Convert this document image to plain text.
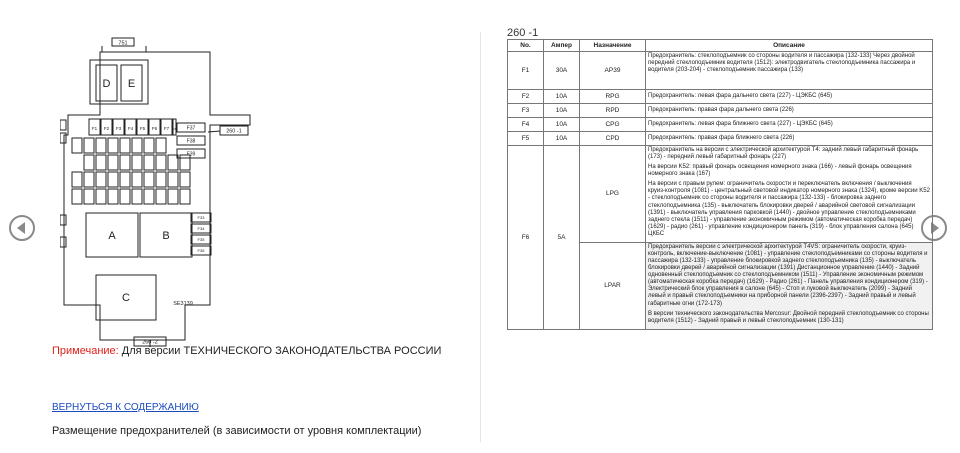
751
D E
F1 F2 F3 F4 F5 F6 F7 F8 F37
F38
F39
260 -1
A	B
F33
F34
F35
F36
C	SE3139
260 -2
Примечание: Для версии ТЕХНИЧЕСКОГО ЗАКОНОДАТЕЛЬСТВА РОССИИ
ВЕРНУТЬСЯ К СОДЕРЖАНИЮ
Размещение предохранителей (в зависимости от уровня комплектации)
260 -1
No.	Ампер	Назначение	Описание
F1	30A	AP39	Предохранитель: стеклоподъемник со стороны водителя и пассажира (132-133) Через двойной передний стеклоподъемник водителя (1512): электродвигатель стеклоподъемника пассажира и водителя (203-204) - стеклоподъемник пассажира (133)
F2	10A	RPG	Предохранитель: левая фара дальнего света (227) - ЦЭКБС (645)
F3	10A	RPD	Предохранитель: правая фара дальнего света (226)
F4	10A	CPG	Предохранитель: левая фара ближнего света (227) - ЦЭКБС (645)
F5	10A	CPD	Предохранитель: правая фара ближнего света (226)
F6	5A	LPG	Предохранитель на версии с электрической архитектурой T4: задний левый габаритный фонарь (173) - передний левый габаритный фонарь (227)
На версии K52: правый фонарь освещения номерного знака (166) - левый фонарь освещения номерного знака (167)
На версии с правым рулем: ограничитель скорости и переключатель включения / выключения круиз-контроля (1081) - центральный световой индикатор номерного знака (1324), кроме версии K52 - стеклоподъемник со стороны водителя и пассажира (132-133) - блокировка заднего стеклоподъемника (135) - выключатель блокировки дверей / аварийной световой сигнализации (1391) - выключатель управления парковкой (1440) - двойное управление стеклоподъемниками заднего стекла (1511) - управление экономичным режимом (автоматическая коробка передач) (1629) - радио (261) - управление кондиционером панель (319) - блок управления салона (645) ЦКБС

		LPAR	Предохранитель версии с электрической архитектурой T4VS: ограничитель скорости, круиз-контроль, включение-выключение (1081) - управление стеклоподъемниками со стороны водителя и пассажира (132-133) - управление блокировкой заднего стеклоподъемника (135) - выключатель блокировки дверей / аварийной сигнализации (1391) Дистанционное управление (1440) - Задний одновенный стеклоподъемник со стеклоподъемником (1511) - Управление экономичным режимом (автоматическая коробка передач) (1629) - Радио (261) - Панель управления кондиционером (319) - Электрический блок управления в салоне (645) - Стоп и луковой выключатель (2099) - Задний левый и правый стеклоподъемники на приборной панели (2396-2397) - Задний правый и левый габаритные огни (172-173)
В версии технического законодательства Mercosur: Двойной передний стеклоподъемник со стороны водителя (1512) - Задний правый и левый стеклоподъемник (130-131)
